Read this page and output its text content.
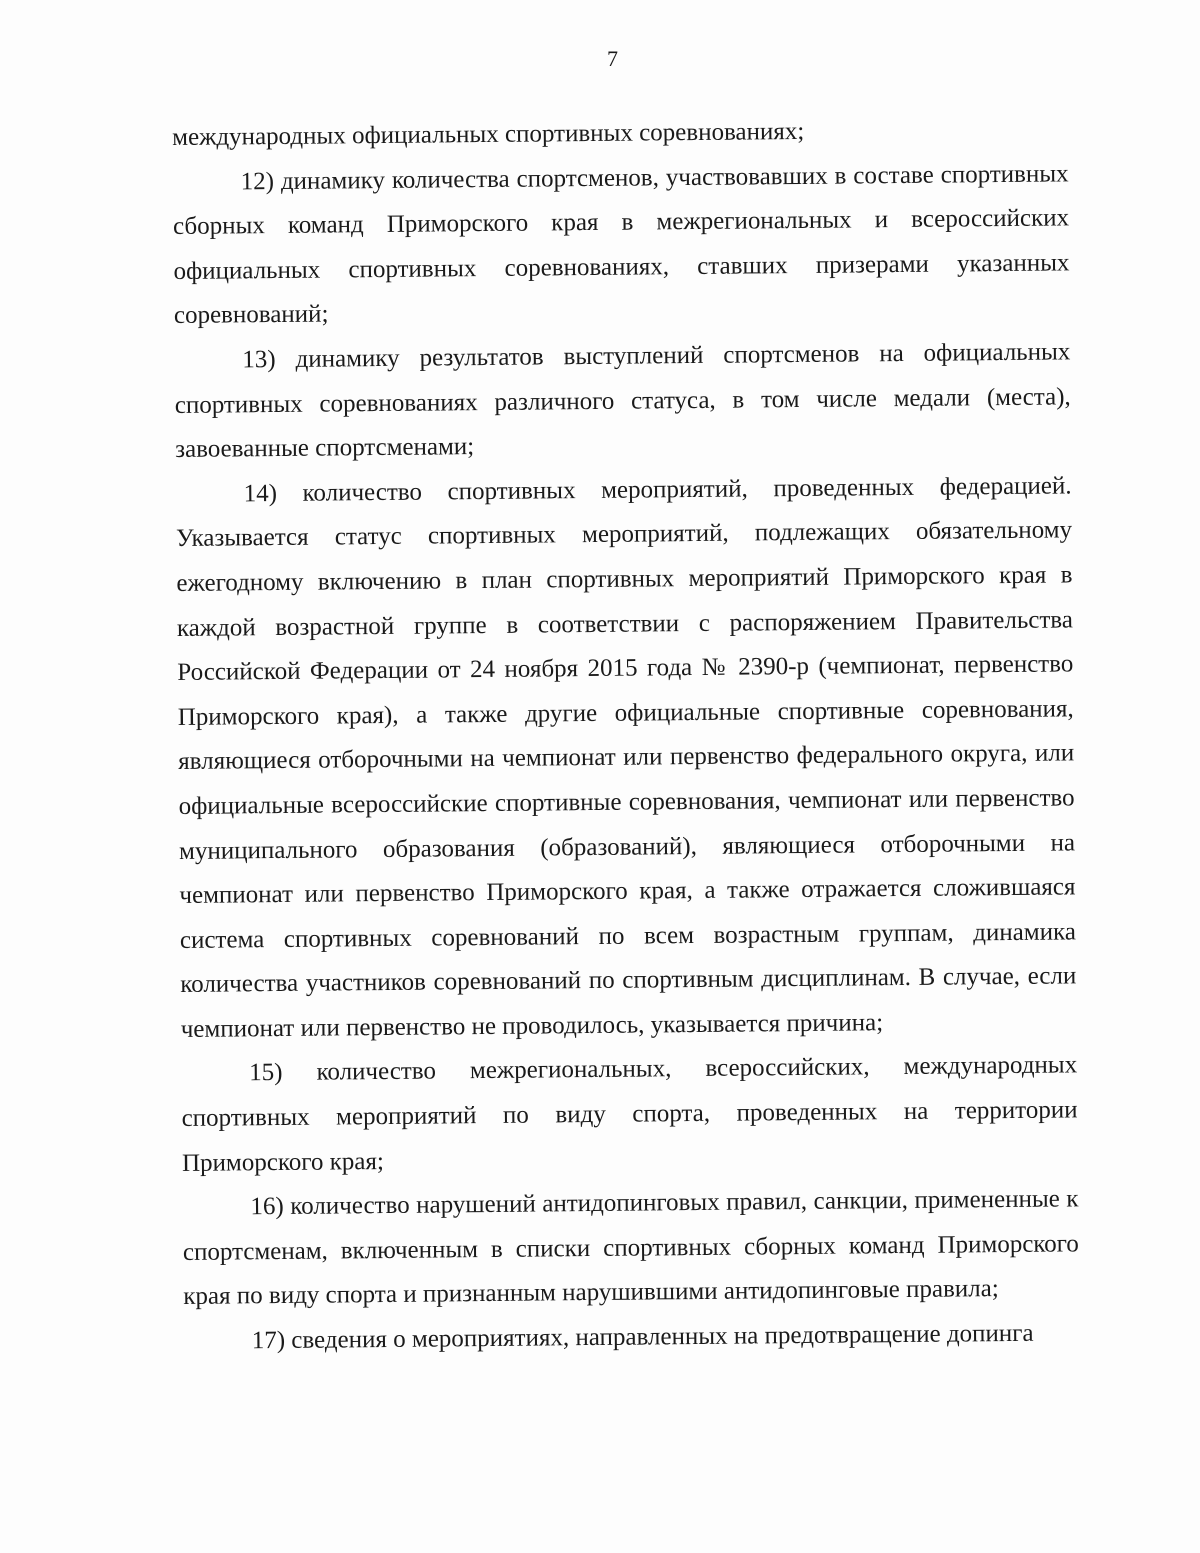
7

международных официальных спортивных соревнованиях;

12) динамику количества спортсменов, участвовавших в составе спортивных сборных команд Приморского края в межрегиональных и всероссийских официальных спортивных соревнованиях, ставших призерами указанных соревнований;

13) динамику результатов выступлений спортсменов на официальных спортивных соревнованиях различного статуса, в том числе медали (места), завоеванные спортсменами;

14) количество спортивных мероприятий, проведенных федерацией. Указывается статус спортивных мероприятий, подлежащих обязательному ежегодному включению в план спортивных мероприятий Приморского края в каждой возрастной группе в соответствии с распоряжением Правительства Российской Федерации от 24 ноября 2015 года № 2390-р (чемпионат, первенство Приморского края), а также другие официальные спортивные соревнования, являющиеся отборочными на чемпионат или первенство федерального округа, или официальные всероссийские спортивные соревнования, чемпионат или первенство муниципального образования (образований), являющиеся отборочными на чемпионат или первенство Приморского края, а также отражается сложившаяся система спортивных соревнований по всем возрастным группам, динамика количества участников соревнований по спортивным дисциплинам. В случае, если чемпионат или первенство не проводилось, указывается причина;

15) количество межрегиональных, всероссийских, международных спортивных мероприятий по виду спорта, проведенных на территории Приморского края;

16) количество нарушений антидопинговых правил, санкции, примененные к спортсменам, включенным в списки спортивных сборных команд Приморского края по виду спорта и признанным нарушившими антидопинговые правила;

17) сведения о мероприятиях, направленных на предотвращение допинга
